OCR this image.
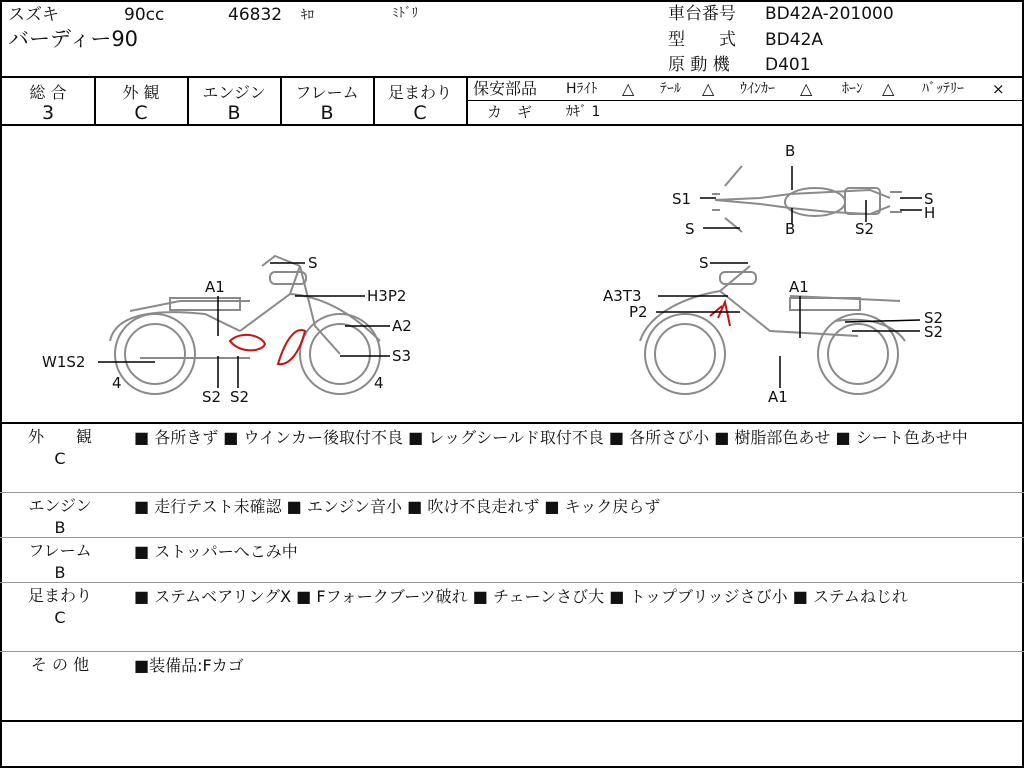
スズキ	90cc	46832 ｷﾛ	ﾐﾄﾞﾘ
バーディー90
車台番号 BD42A-201000
型　　式 BD42A
原 動 機 D401
総 合	外 観	エンジン	フレーム	足まわり
3	C	B	B	C
保安部品 Hﾗｲﾄ △ ﾃｰﾙ △ ｳｲﾝｶｰ △ ﾎｰﾝ △ ﾊﾞｯﾃﾘｰ ×
カ　ギ ｶｷﾞ 1
S
A1	H3P2
A2
S3
W1S2
4	4
S2 S2
S
A1
A3T3
P2	S2
S2
A1
B
B
S1
S
S
H
S2
外　　観
C
■ 各所きず ■ ウインカー後取付不良 ■ レッグシールド取付不良 ■ 各所さび小 ■ 樹脂部色あせ ■ シート色あせ中
エンジン
B
■ 走行テスト未確認 ■ エンジン音小 ■ 吹け不良走れず ■ キック戻らず
フレーム
B
■ ストッパーへこみ中
足まわり
C
■ ステムベアリングX ■ Fフォークブーツ破れ ■ チェーンさび大 ■ トップブリッジさび小 ■ ステムねじれ
そ の 他	■装備品:Fカゴ
